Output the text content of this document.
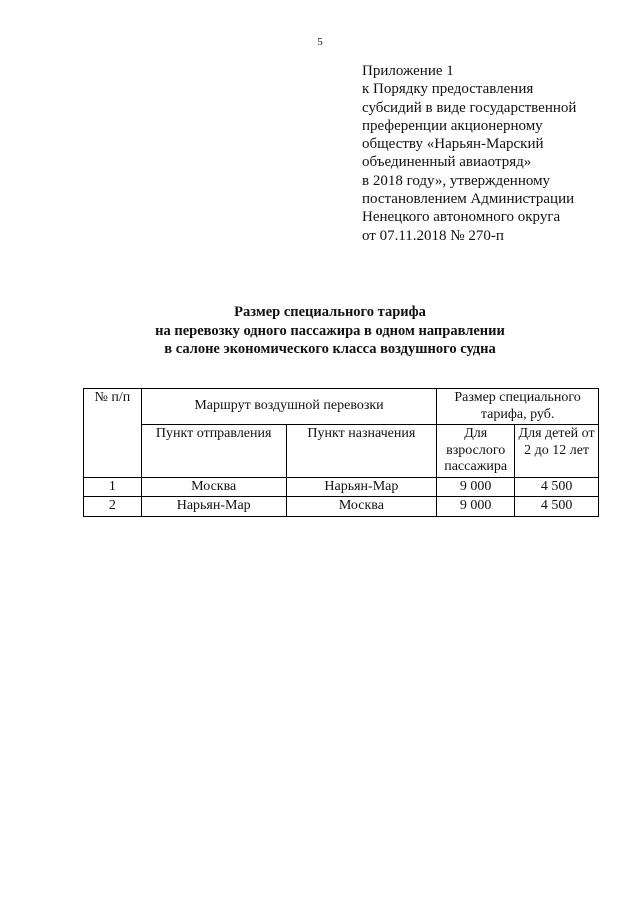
5
Приложение 1
к Порядку предоставления
субсидий в виде государственной
преференции акционерному
обществу «Нарьян-Марский
объединенный авиаотряд»
в 2018 году», утвержденному
постановлением Администрации
Ненецкого автономного округа
от 07.11.2018 № 270-п
Размер специального тарифа
на перевозку одного пассажира в одном направлении
в салоне экономического класса воздушного судна
№ п/п	Маршрут воздушной перевозки		Размер специального тарифа, руб.	
	Пункт отправления	Пункт назначения	Для взрослого пассажира	Для детей от 2 до 12 лет
1	Москва	Нарьян-Мар	9 000	4 500
2	Нарьян-Мар	Москва	9 000	4 500
